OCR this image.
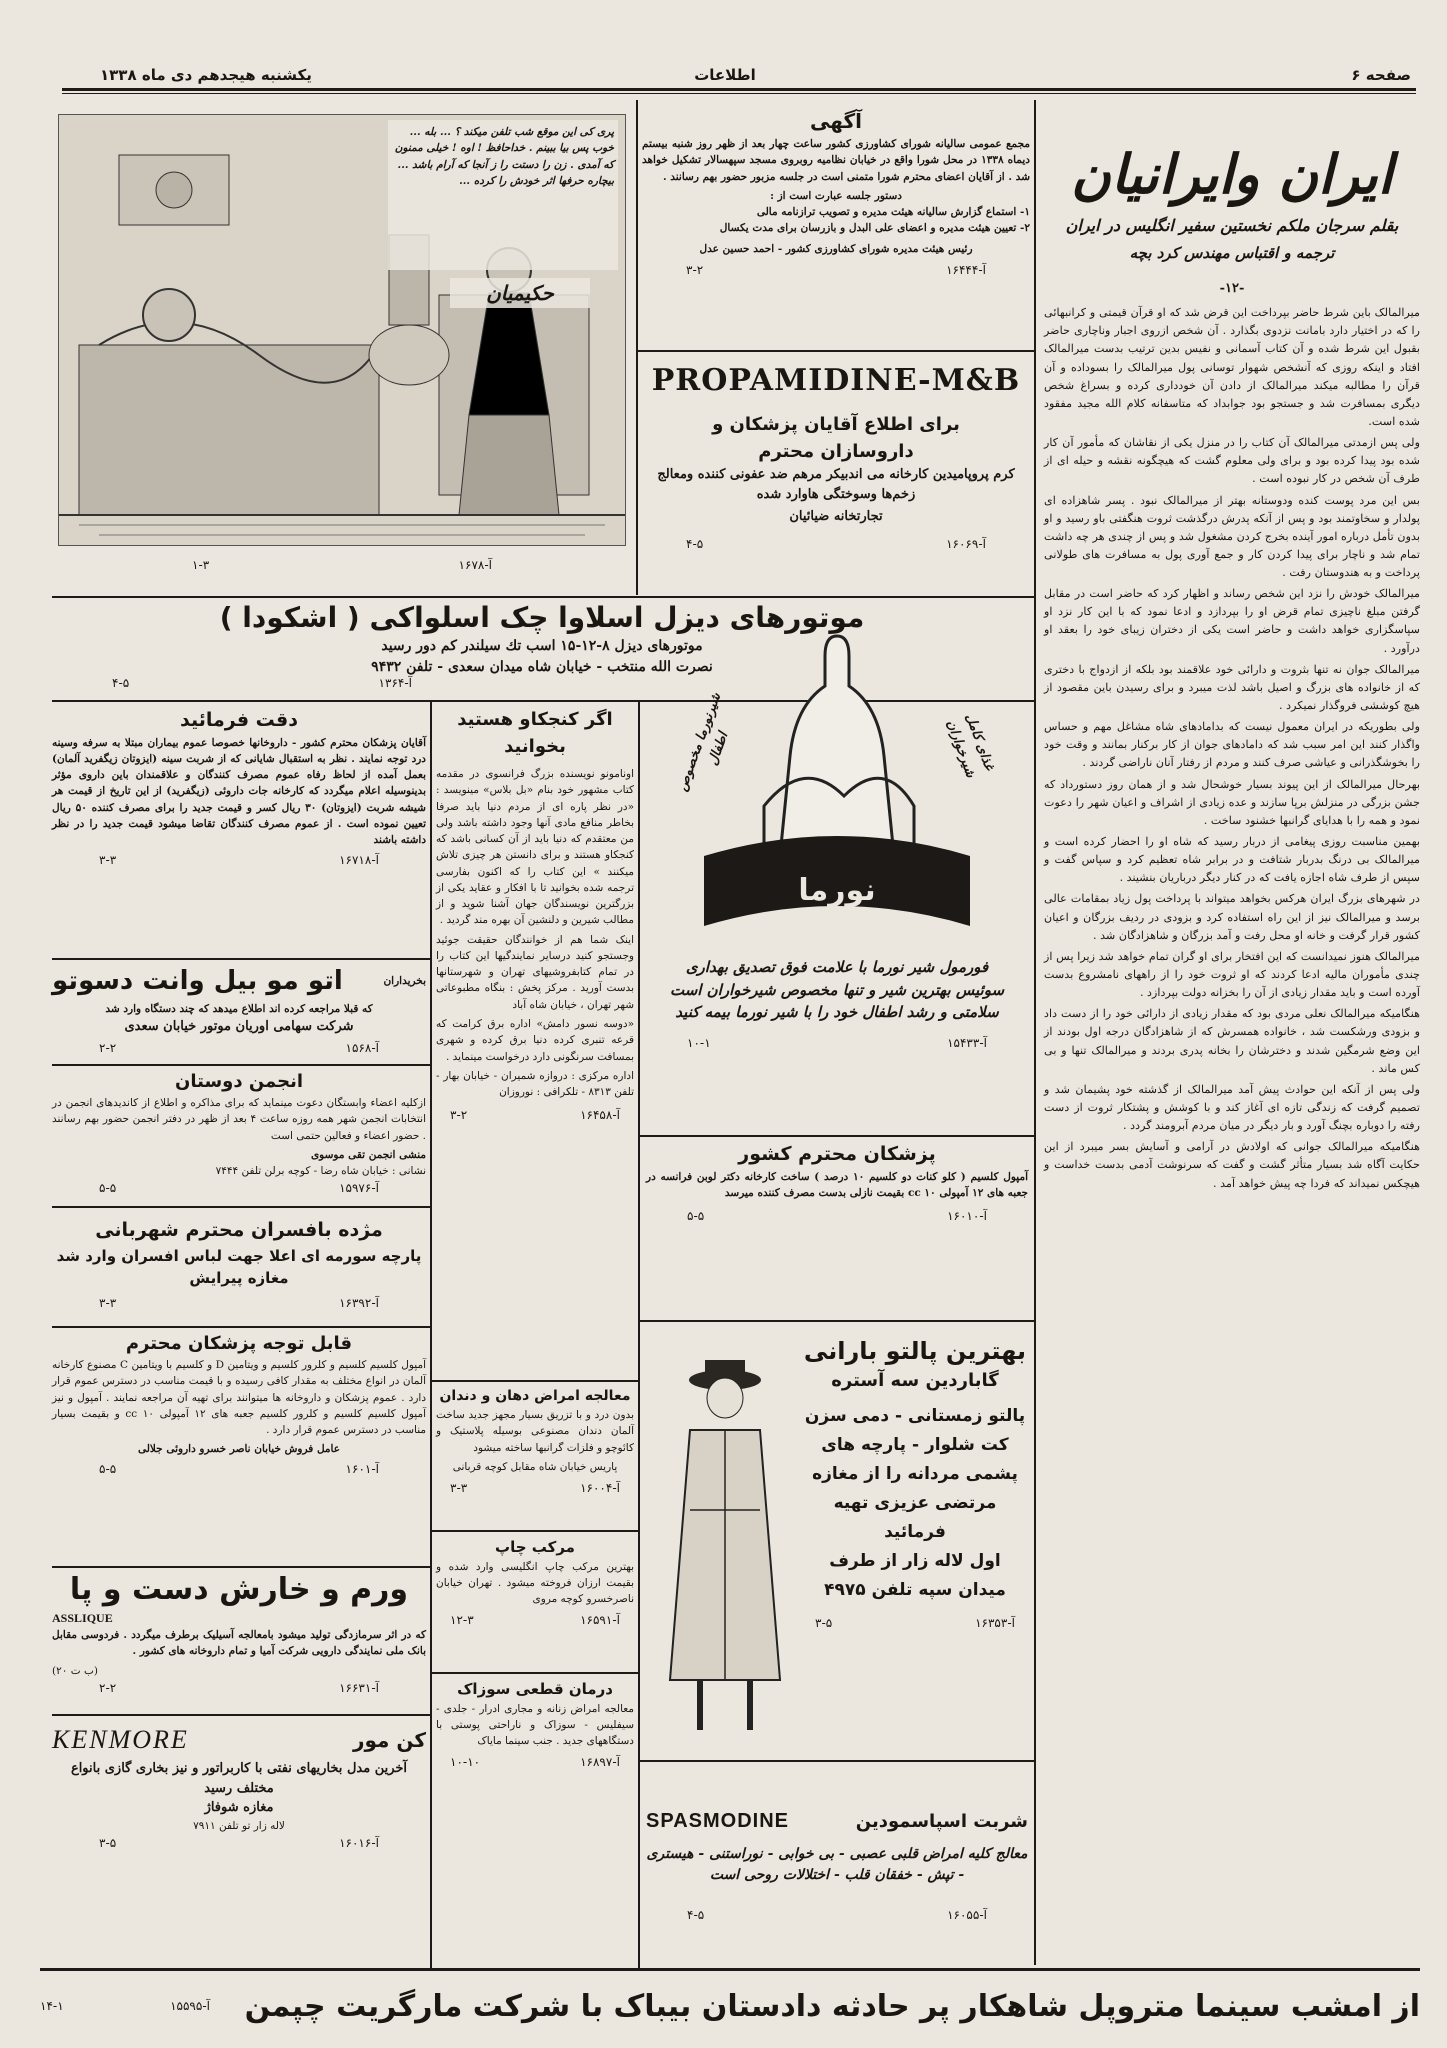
صفحه ۶
اطلاعات
یکشنبه هیجدهم دی ماه ۱۳۳۸
ایران وایرانیان
بقلم سرجان ملکم نخستین سفیر انگلیس در ایران
ترجمه و اقتباس مهندس کرد بچه
-۱۲-

میرالمالک باین شرط حاضر بپرداخت این قرض شد که او قرآن قیمتی و کرانبهائی را که در اختیار دارد بامانت نزدوی بگذارد . آن شخص ازروی اجبار وناچاری حاضر بقبول این شرط شده و آن کتاب آسمانی و نفیس بدین ترتیب بدست میرالمالک افتاد و اینکه روزی که آنشخص شهوار توسانی پول میرالمالک را بسوداده و آن قرآن را مطالبه میکند میرالمالک از دادن آن خودداری کرده و بسراغ شخص دیگری بمسافرت شد و جستجو بود جوابداد که متاسفانه کلام الله مجید مفقود شده است.

ولی پس ازمدتی میرالمالک آن کتاب را در منزل یکی از نقاشان که مأمور آن کار شده بود پیدا کرده بود و برای ولی معلوم گشت که هیچگونه نقشه و حیله ای از طرف آن شخص در کار نبوده است .

بس این مرد پوست کنده ودوستانه بهتر از میرالمالک نبود . پسر شاهزاده ای پولدار و سخاوتمند بود و پس از آنکه پدرش درگذشت ثروت هنگفتی باو رسید و او بدون تأمل درباره امور آینده بخرج کردن مشغول شد و پس از چندی هر چه داشت تمام شد و ناچار برای پیدا کردن کار و جمع آوری پول به مسافرت های طولانی پرداخت و به هندوستان رفت .

میرالمالک خودش را نزد این شخص رساند و اظهار کرد که حاضر است در مقابل گرفتن مبلغ ناچیزی تمام قرض او را بپردازد و ادعا نمود که با این کار نزد او سپاسگزاری خواهد داشت و حاضر است یکی از دختران زیبای خود را بعقد او درآورد .

میرالمالک جوان نه تنها بثروت و دارائی خود علاقمند بود بلکه از ازدواج با دختری که از خانواده های بزرگ و اصیل باشد لذت میبرد و برای رسیدن باین مقصود از هیچ کوششی فروگذار نمیکرد .

ولی بطوریکه در ایران معمول نیست که بدامادهای شاه مشاغل مهم و حساس واگذار کنند این امر سبب شد که دامادهای جوان از کار برکنار بمانند و وقت خود را بخوشگذرانی و عیاشی صرف کنند و مردم از رفتار آنان ناراضی گردند .

بهرحال میرالمالک از این پیوند بسیار خوشحال شد و از همان روز دستورداد که جشن بزرگی در منزلش برپا سازند و عده زیادی از اشراف و اعیان شهر را دعوت نمود و همه را با هدایای گرانبها خشنود ساخت .

بهمین مناسبت روزی پیغامی از دربار رسید که شاه او را احضار کرده است و میرالمالک بی درنگ بدربار شتافت و در برابر شاه تعظیم کرد و سپاس گفت و سپس از طرف شاه اجازه یافت که در کنار دیگر درباریان بنشیند .

در شهرهای بزرگ ایران هرکس بخواهد میتواند با پرداخت پول زیاد بمقامات عالی برسد و میرالمالک نیز از این راه استفاده کرد و بزودی در ردیف بزرگان و اعیان کشور قرار گرفت و خانه او محل رفت و آمد بزرگان و شاهزادگان شد .

میرالمالک هنوز نمیدانست که این افتخار برای او گران تمام خواهد شد زیرا پس از چندی مأموران مالیه ادعا کردند که او ثروت خود را از راههای نامشروع بدست آورده است و باید مقدار زیادی از آن را بخزانه دولت بپردازد .

هنگامیکه میرالمالک نعلی مردی بود که مقدار زیادی از دارائی خود را از دست داد و بزودی ورشکست شد ، خانواده همسرش که از شاهزادگان درجه اول بودند از این وضع شرمگین شدند و دخترشان را بخانه پدری بردند و میرالمالک تنها و بی کس ماند .

ولی پس از آنکه این حوادث پیش آمد میرالمالک از گذشته خود پشیمان شد و تصمیم گرفت که زندگی تازه ای آغاز کند و با کوشش و پشتکار ثروت از دست رفته را دوباره بچنگ آورد و بار دیگر در میان مردم آبرومند گردد .

هنگامیکه میرالمالک جوانی که اولادش در آرامی و آسایش بسر میبرد از این حکایت آگاه شد بسیار متأثر گشت و گفت که سرنوشت آدمی بدست خداست و هیچکس نمیداند که فردا چه پیش خواهد آمد .

پری کی این موقع شب تلفن میکند ؟ ... بله ... خوب پس بیا ببینم . خداحافظ ! اوه ! خیلی ممنون که آمدی . زن را دستت را ز آنجا که آرام باشد ... بیچاره حرفها اثر خودش را کرده ...
حکیمیان
آ-۱۶۷۸
۱-۳
آگهی

مجمع عمومی سالیانه شورای کشاورزی کشور ساعت چهار بعد از ظهر روز شنبه بیستم دیماه ۱۳۳۸ در محل شورا واقع در خیابان نظامیه روبروی مسجد سپهسالار تشکیل خواهد شد . از آقایان اعضای محترم شورا متمنی است در جلسه مزبور حضور بهم رسانند .

دستور جلسه عبارت است از :
۱- استماع گزارش سالیانه هیئت مدیره و تصویب ترازنامه مالی
۲- تعیین هیئت مدیره و اعضای علی البدل و بازرسان برای مدت یکسال
رئیس هیئت مدیره شورای کشاورزی کشور - احمد حسین عدل
آ-۱۶۴۴۴
۳-۲
PROPAMIDINE-M&B
برای اطلاع آقایان پزشکان و
داروسازان محترم

کرم پروپامیدین کارخانه می اندبیکر مرهم ضد عفونی کننده ومعالج زخم‌ها وسوختگی هاوارد شده

تجارتخانه ضیائیان
آ-۱۶۰۶۹
۴-۵
موتورهای دیزل اسلاوا چک اسلواکی ( اشکودا )
موتورهای دیزل ۸-۱۲-۱۵ اسب تك سیلندر کم دور رسید
نصرت الله منتخب - خیابان شاه میدان سعدی - تلفن ۹۴۳۲
آ-۱۳۶۴
۴-۵
نورما
شیرنورما مخصوص اطفال	غذای کامل شیرخواران
فورمول شیر نورما با علامت فوق تصدیق بهداری
سوئیس بهترین شیر و تنها مخصوص شیرخواران است
سلامتی و رشد اطفال خود را با شیر نورما بیمه کنید
آ-۱۵۴۳۳
۱۰-۱
پزشکان محترم کشور

آمپول کلسیم ( کلو کنات دو کلسیم ۱۰ درصد ) ساخت کارخانه دکتر لوبن فرانسه در جعبه های ۱۲ آمپولی ۱۰ cc بقیمت نازلی بدست مصرف کننده میرسد

آ-۱۶۰۱۰
۵-۵
بهترین پالتو بارانی
گاباردین سه آستره
پالتو زمستانی - دمی سزن
کت شلوار - پارچه های
پشمی مردانه را از مغازه
مرتضی عزیزی تهیه فرمائید
اول لاله زار از طرف
میدان سپه تلفن ۴۹۷۵
آ-۱۶۳۵۳
۳-۵
شربت اسپاسمودین
SPASMODINE

معالج کلیه امراض قلبی عصبی - بی خوابی - نوراستنی - هیستری - تپش - خفقان قلب - اختلالات روحی است

آ-۱۶۰۵۵
۴-۵
اگر کنجکاو هستید
بخوانید

اونامونو نویسنده بزرگ فرانسوی در مقدمه کتاب مشهور خود بنام «بل بلاس» مینویسد : «در نظر پاره ای از مردم دنیا باید صرفا بخاطر منافع مادی آنها وجود داشته باشد ولی من معتقدم که دنیا باید از آن کسانی باشد که کنجکاو هستند و برای دانستن هر چیزی تلاش میکنند » این کتاب را که اکنون بفارسی ترجمه شده بخوانید تا با افکار و عقاید یکی از بزرگترین نویسندگان جهان آشنا شوید و از مطالب شیرین و دلنشین آن بهره مند گردید .

اینک شما هم از خوانندگان حقیقت جوئید وجستجو کنید درسایر نمایندگیها این کتاب را در تمام کتابفروشیهای تهران و شهرستانها بدست آورید . مرکز پخش : بنگاه مطبوعاتی شهر تهران ، خیابان شاه آباد

«دوسه نسور دامش» اداره برق کرامت که قرعه تنبری کرده دنیا برق کرده و شهری بمسافت سرنگونی دارد درخواست مینماید .

اداره مرکزی : دروازه شمیران - خیابان بهار - تلفن ۸۳۱۳ - تلکرافی : نوروزان

آ-۱۶۴۵۸
۳-۲
معالجه امراض دهان و دندان

بدون درد و با تزریق بسیار مجهز جدید ساخت آلمان دندان مصنوعی بوسیله پلاستیک و کائوچو و فلزات گرانبها ساخته میشود

پاریس خیابان شاه مقابل کوچه قربانی
آ-۱۶۰۰۴
۳-۳
مرکب چاپ

بهترین مرکب چاپ انگلیسی وارد شده و بقیمت ارزان فروخته میشود . تهران خیابان ناصرخسرو کوچه مروی

آ-۱۶۵۹۱
۱۲-۳
درمان قطعی سوزاک

معالجه امراض زنانه و مجاری ادرار - جلدی - سیفلیس - سوزاک و ناراحتی پوستی با دستگاههای جدید . جنب سینما مایاک

آ-۱۶۸۹۷
۱۰-۱۰
دقت فرمائید

آقایان پزشکان محترم کشور - داروخانها خصوصا عموم بیماران مبتلا به سرفه وسینه درد توجه نمایند . نظر به استقبال شایانی که از شربت سینه (ایزوتان زیگفرید آلمان) بعمل آمده از لحاظ رفاه عموم مصرف کنندگان و علاقمندان باین داروی مؤثر بدینوسیله اعلام میگردد که کارخانه جات داروئی (زیگفرید) از این تاریخ از قیمت هر شیشه شربت (ایزوتان) ۳۰ ریال کسر و قیمت جدید را برای مصرف کننده ۵۰ ریال تعیین نموده است . از عموم مصرف کنندگان تقاضا میشود قیمت جدید را در نظر داشته باشند

آ-۱۶۷۱۸
۳-۳
بخریداران
اتو مو بیل وانت دسوتو
که قبلا مراجعه کرده اند اطلاع میدهد که چند دستگاه وارد شد
شرکت سهامی اوریان موتور خیابان سعدی
آ-۱۵۶۸
۲-۲
انجمن دوستان

ازکلیه اعضاء وابستگان دعوت مینماید که برای مذاکره و اطلاع از کاندیدهای انجمن در انتخابات انجمن شهر همه روزه ساعت ۴ بعد از ظهر در دفتر انجمن حضور بهم رسانند . حضور اعضاء و فعالین حتمی است

منشی انجمن تقی موسوی
نشانی : خیابان شاه رضا - کوچه برلن تلفن ۷۴۴۴
آ-۱۵۹۷۶
۵-۵
مژده بافسران محترم شهربانی
پارچه سورمه ای اعلا جهت لباس افسران وارد شد
مغازه پیرایش
آ-۱۶۳۹۲
۳-۳
قابل توجه پزشکان محترم

آمپول کلسیم کلسیم و کلرور کلسیم و ویتامین D و کلسیم با ویتامین C مصنوع کارخانه آلمان در انواع مختلف به مقدار کافی رسیده و با قیمت مناسب در دسترس عموم قرار دارد . عموم پزشکان و داروخانه ها میتوانند برای تهیه آن مراجعه نمایند . آمپول و نیز آمپول کلسیم کلسیم و کلرور کلسیم جعبه های ۱۲ آمپولی ۱۰ cc و بقیمت بسیار مناسب در دسترس عموم قرار دارد .

عامل فروش خیابان ناصر خسرو داروئی جلالی
آ-۱۶۰۱
۵-۵
ورم و خارش دست و پا
ASSLIQUE

که در اثر سرمازدگی تولید میشود بامعالجه آسیلیک برطرف میگردد . فردوسی مقابل بانک ملی نمایندگی دارویی شرکت آمیا و تمام داروخانه های کشور .

(ب ت ۲۰)
آ-۱۶۶۳۱
۲-۲
کن مور
KENMORE
آخرین مدل بخاریهای نفتی با کاربراتور و نیز بخاری گازی بانواع مختلف رسید
مغازه شوفاژ
لاله زار تو تلفن ۷۹۱۱
آ-۱۶۰۱۶
۳-۵
از امشب سینما متروپل شاهکار پر حادثه دادستان بیباک با شرکت مارگریت چپمن
آ-۱۵۵۹۵
۱۴-۱
